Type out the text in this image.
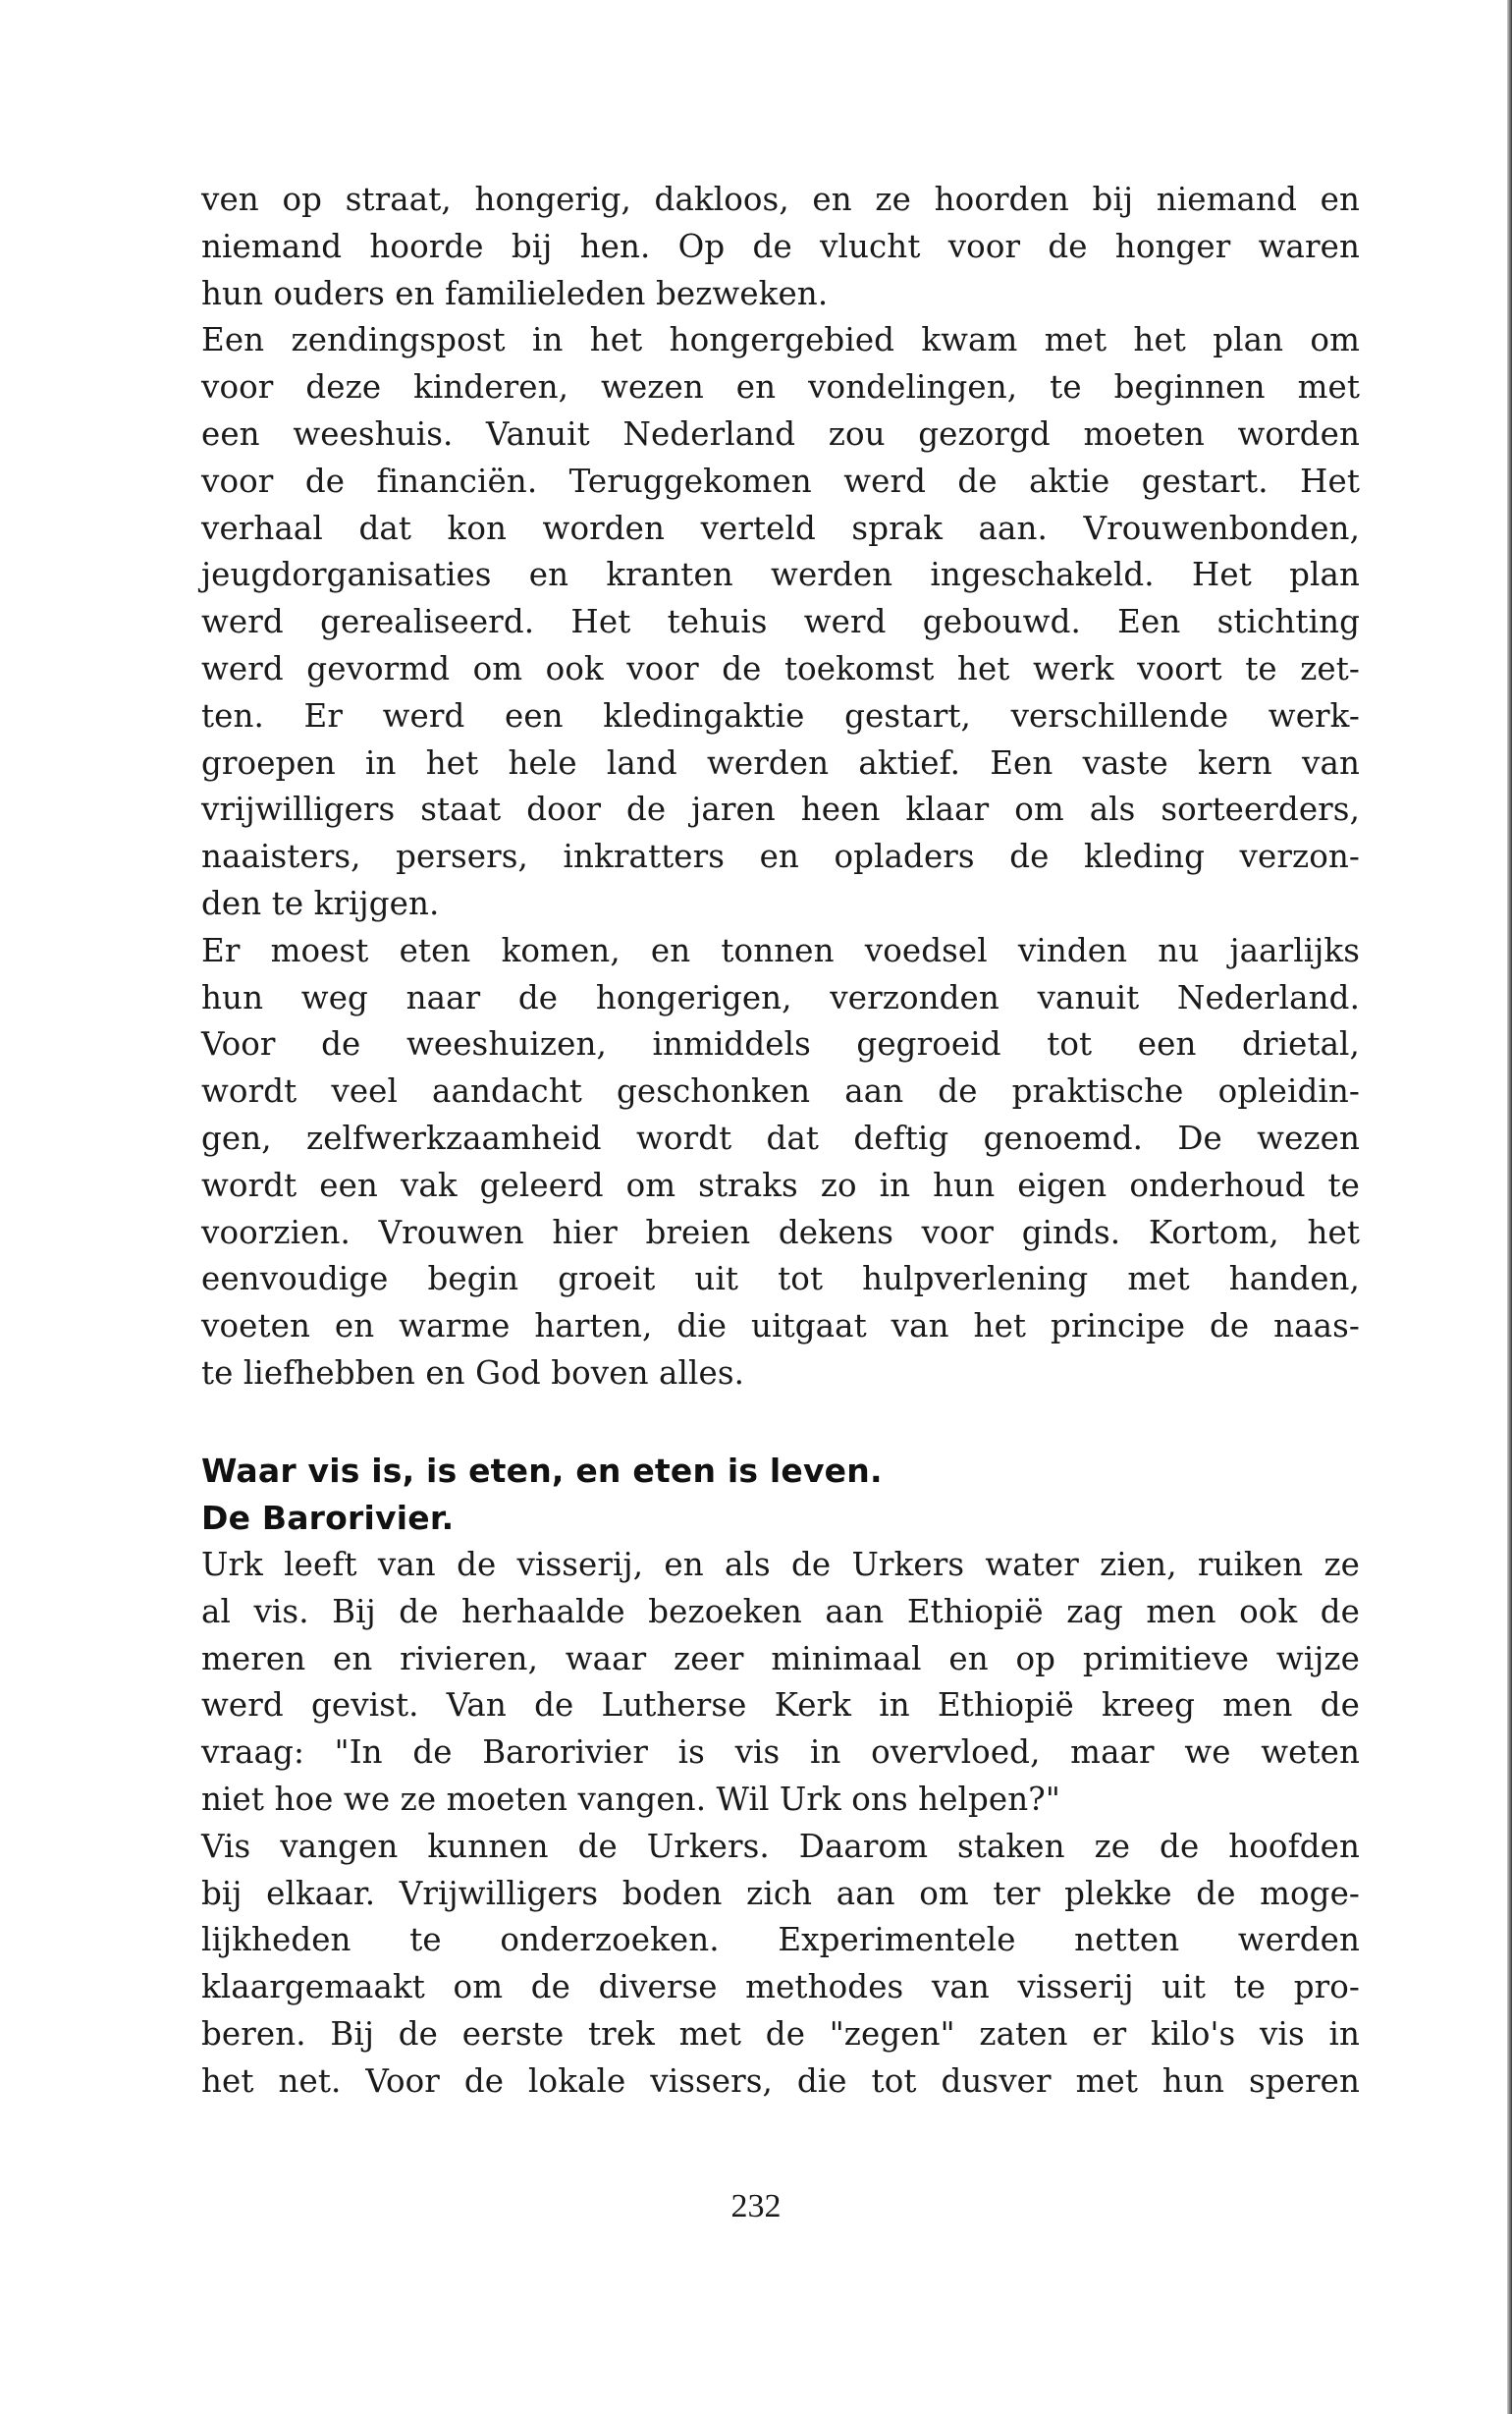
ven op straat, hongerig, dakloos, en ze hoorden bij niemand en
niemand hoorde bij hen. Op de vlucht voor de honger waren
hun ouders en familieleden bezweken.
Een zendingspost in het hongergebied kwam met het plan om
voor deze kinderen, wezen en vondelingen, te beginnen met
een weeshuis. Vanuit Nederland zou gezorgd moeten worden
voor de financiën. Teruggekomen werd de aktie gestart. Het
verhaal dat kon worden verteld sprak aan. Vrouwenbonden,
jeugdorganisaties en kranten werden ingeschakeld. Het plan
werd gerealiseerd. Het tehuis werd gebouwd. Een stichting
werd gevormd om ook voor de toekomst het werk voort te zet-
ten. Er werd een kledingaktie gestart, verschillende werk-
groepen in het hele land werden aktief. Een vaste kern van
vrijwilligers staat door de jaren heen klaar om als sorteerders,
naaisters, persers, inkratters en opladers de kleding verzon-
den te krijgen.
Er moest eten komen, en tonnen voedsel vinden nu jaarlijks
hun weg naar de hongerigen, verzonden vanuit Nederland.
Voor de weeshuizen, inmiddels gegroeid tot een drietal,
wordt veel aandacht geschonken aan de praktische opleidin-
gen, zelfwerkzaamheid wordt dat deftig genoemd. De wezen
wordt een vak geleerd om straks zo in hun eigen onderhoud te
voorzien. Vrouwen hier breien dekens voor ginds. Kortom, het
eenvoudige begin groeit uit tot hulpverlening met handen,
voeten en warme harten, die uitgaat van het principe de naas-
te liefhebben en God boven alles.
Waar vis is, is eten, en eten is leven.
De Barorivier.
Urk leeft van de visserij, en als de Urkers water zien, ruiken ze
al vis. Bij de herhaalde bezoeken aan Ethiopië zag men ook de
meren en rivieren, waar zeer minimaal en op primitieve wijze
werd gevist. Van de Lutherse Kerk in Ethiopië kreeg men de
vraag: "In de Barorivier is vis in overvloed, maar we weten
niet hoe we ze moeten vangen. Wil Urk ons helpen?"
Vis vangen kunnen de Urkers. Daarom staken ze de hoofden
bij elkaar. Vrijwilligers boden zich aan om ter plekke de moge-
lijkheden te onderzoeken. Experimentele netten werden
klaargemaakt om de diverse methodes van visserij uit te pro-
beren. Bij de eerste trek met de "zegen" zaten er kilo's vis in
het net. Voor de lokale vissers, die tot dusver met hun speren
232
